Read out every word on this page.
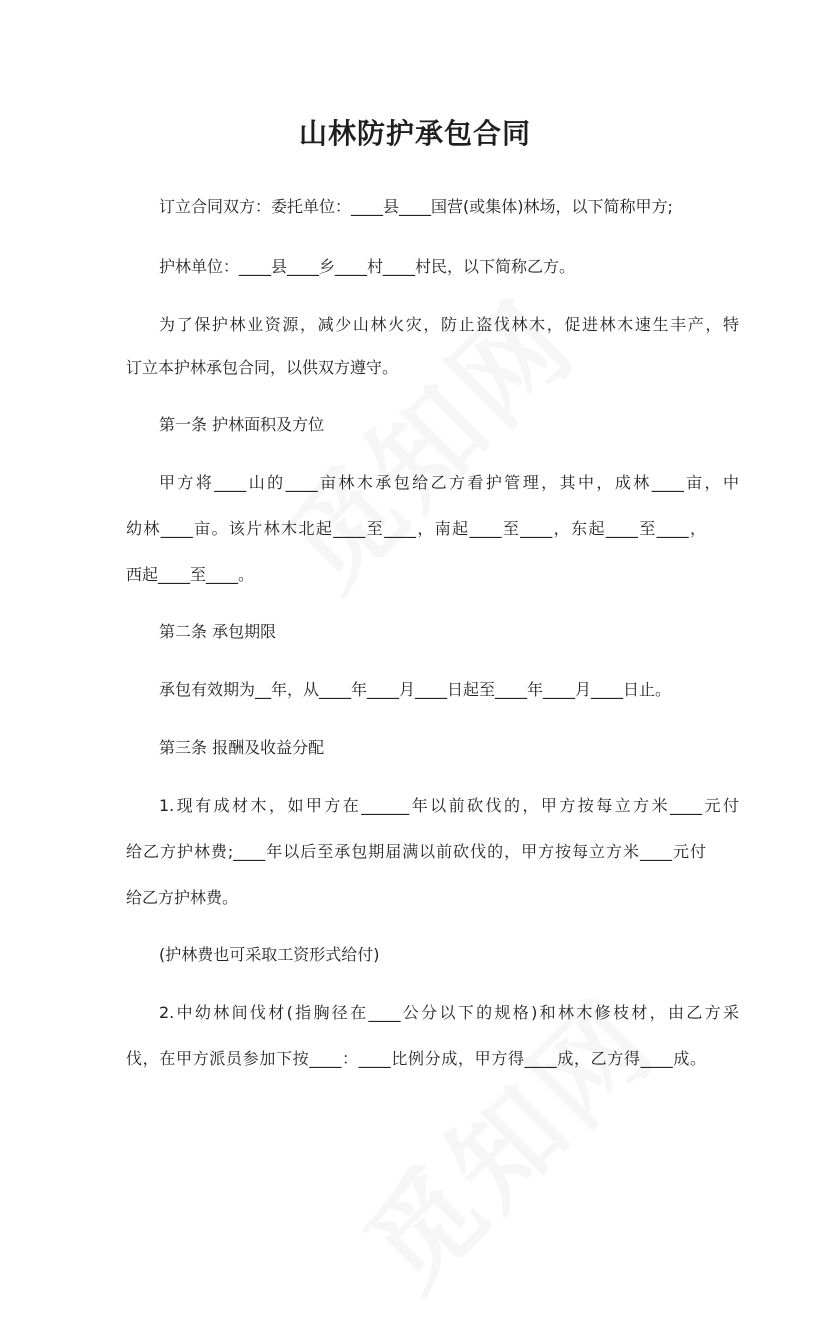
山林防护承包合同
订立合同双方：委托单位：____县____国营(或集体)林场，以下简称甲方;
护林单位：____县____乡____村____村民，以下简称乙方。
为了保护林业资源，减少山林火灾，防止盗伐林木，促进林木速生丰产，特
订立本护林承包合同，以供双方遵守。
第一条 护林面积及方位
甲方将____山的____亩林木承包给乙方看护管理，其中，成林____亩，中
幼林____亩。该片林木北起____至____，南起____至____，东起____至____，
西起____至____。
第二条 承包期限
承包有效期为__年，从____年____月____日起至____年____月____日止。
第三条 报酬及收益分配
1.现有成材木，如甲方在______年以前砍伐的，甲方按每立方米____元付
给乙方护林费;____年以后至承包期届满以前砍伐的，甲方按每立方米____元付
给乙方护林费。
(护林费也可采取工资形式给付)
2.中幼林间伐材(指胸径在____公分以下的规格)和林木修枝材，由乙方采
伐，在甲方派员参加下按____：____比例分成，甲方得____成，乙方得____成。
